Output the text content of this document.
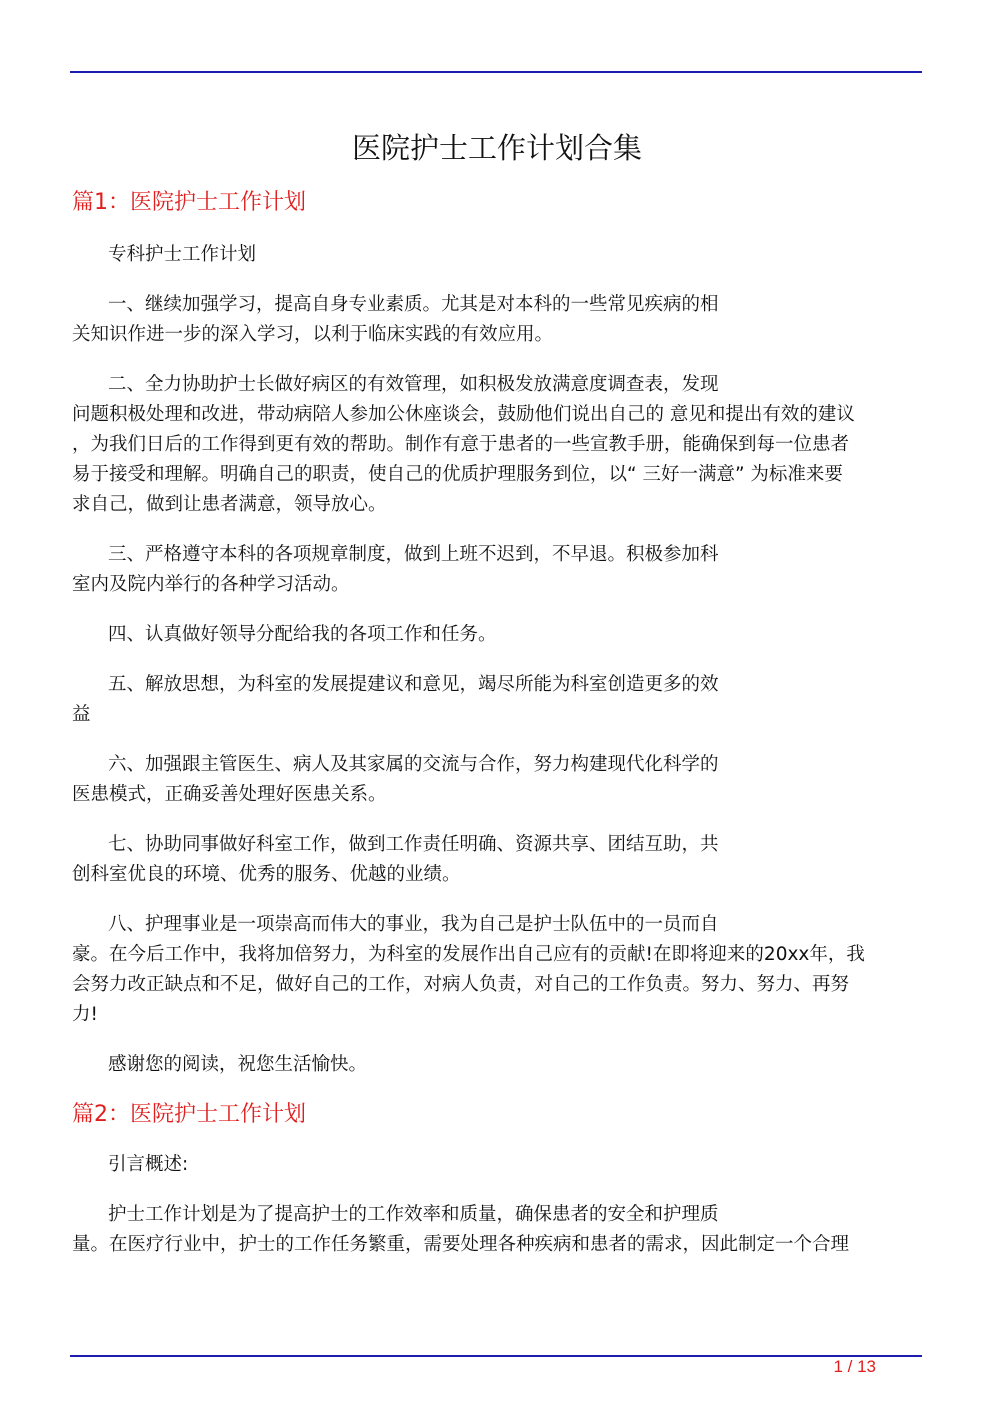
医院护士工作计划合集
篇1：医院护士工作计划
专科护士工作计划
一、继续加强学习，提高自身专业素质。尤其是对本科的一些常见疾病的相
关知识作进一步的深入学习，以利于临床实践的有效应用。
二、全力协助护士长做好病区的有效管理，如积极发放满意度调查表，发现
问题积极处理和改进，带动病陪人参加公休座谈会，鼓励他们说出自己的 意见和提出有效的建议
，为我们日后的工作得到更有效的帮助。制作有意于患者的一些宣教手册，能确保到每一位患者
易于接受和理解。明确自己的职责，使自己的优质护理服务到位，以“ 三好一满意” 为标准来要
求自己，做到让患者满意，领导放心。
三、严格遵守本科的各项规章制度，做到上班不迟到，不早退。积极参加科
室内及院内举行的各种学习活动。
四、认真做好领导分配给我的各项工作和任务。
五、解放思想，为科室的发展提建议和意见，竭尽所能为科室创造更多的效
益
六、加强跟主管医生、病人及其家属的交流与合作，努力构建现代化科学的
医患模式，正确妥善处理好医患关系。
七、协助同事做好科室工作，做到工作责任明确、资源共享、团结互助，共
创科室优良的环境、优秀的服务、优越的业绩。
八、护理事业是一项崇高而伟大的事业，我为自己是护士队伍中的一员而自
豪。在今后工作中，我将加倍努力，为科室的发展作出自己应有的贡献!在即将迎来的20xx年，我
会努力改正缺点和不足，做好自己的工作，对病人负责，对自己的工作负责。努力、努力、再努
力!
感谢您的阅读，祝您生活愉快。
篇2：医院护士工作计划
引言概述:
护士工作计划是为了提高护士的工作效率和质量，确保患者的安全和护理质
量。在医疗行业中，护士的工作任务繁重，需要处理各种疾病和患者的需求，因此制定一个合理
1 / 13
